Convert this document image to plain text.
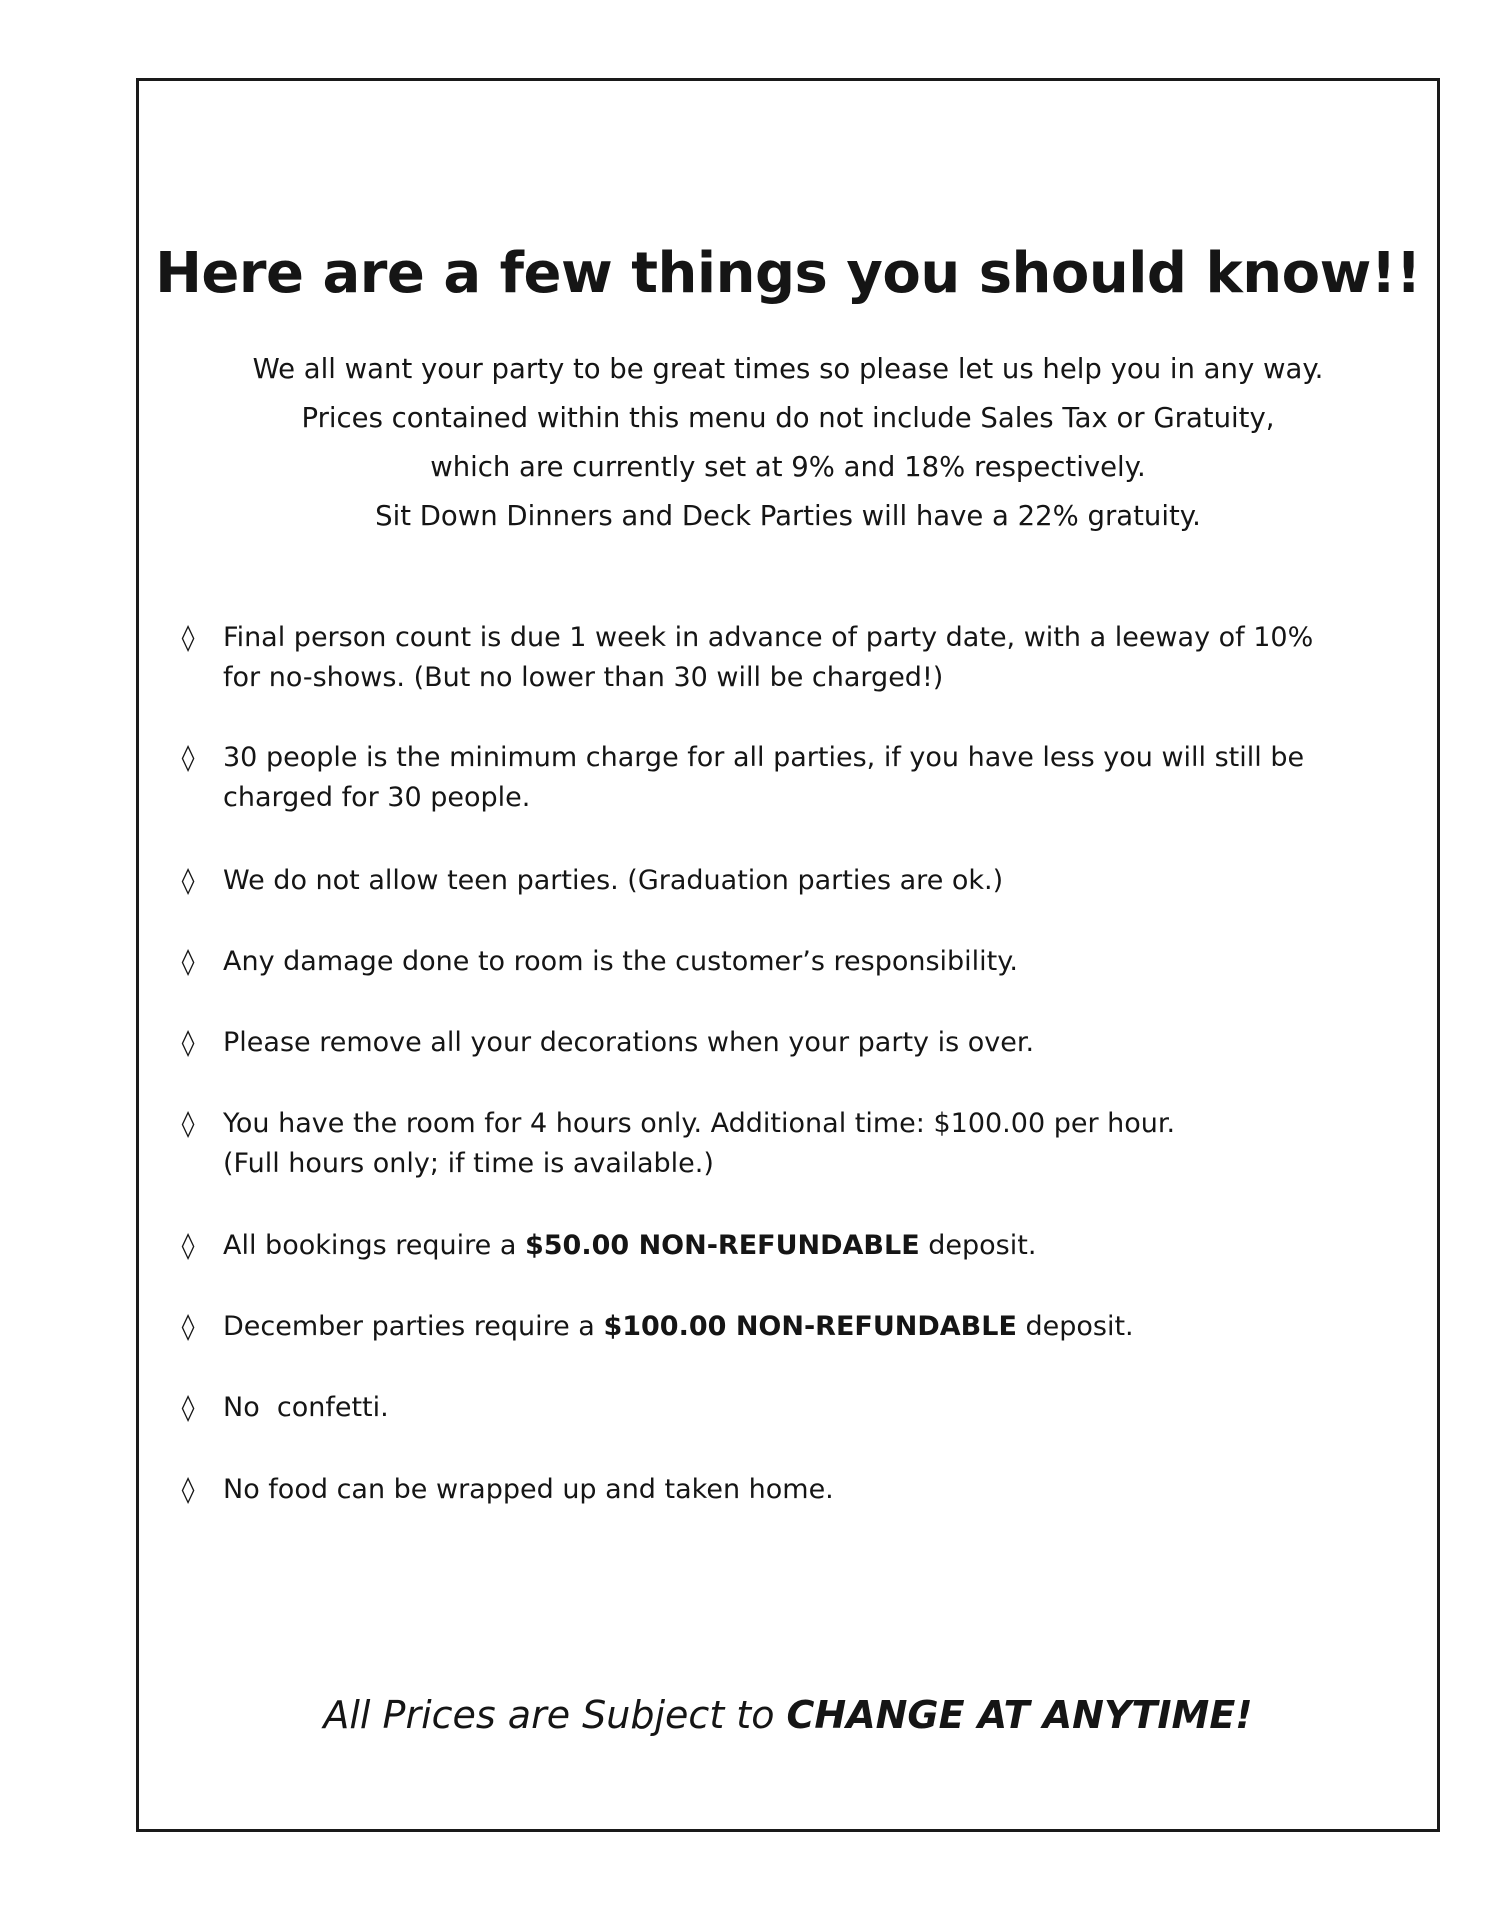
Here are a few things you should know!!
We all want your party to be great times so please let us help you in any way.
Prices contained within this menu do not include Sales Tax or Gratuity,
which are currently set at 9% and 18% respectively.
Sit Down Dinners and Deck Parties will have a 22% gratuity.
◊ Final person count is due 1 week in advance of party date, with a leeway of 10%
for no-shows. (But no lower than 30 will be charged!)
◊ 30 people is the minimum charge for all parties, if you have less you will still be
charged for 30 people.
◊ We do not allow teen parties. (Graduation parties are ok.)
◊ Any damage done to room is the customer’s responsibility.
◊ Please remove all your decorations when your party is over.
◊ You have the room for 4 hours only. Additional time: $100.00 per hour.
(Full hours only; if time is available.)
◊ All bookings require a $50.00 NON-REFUNDABLE deposit.
◊ December parties require a $100.00 NON-REFUNDABLE deposit.
◊ No  confetti.
◊ No food can be wrapped up and taken home.
All Prices are Subject to CHANGE AT ANYTIME!
